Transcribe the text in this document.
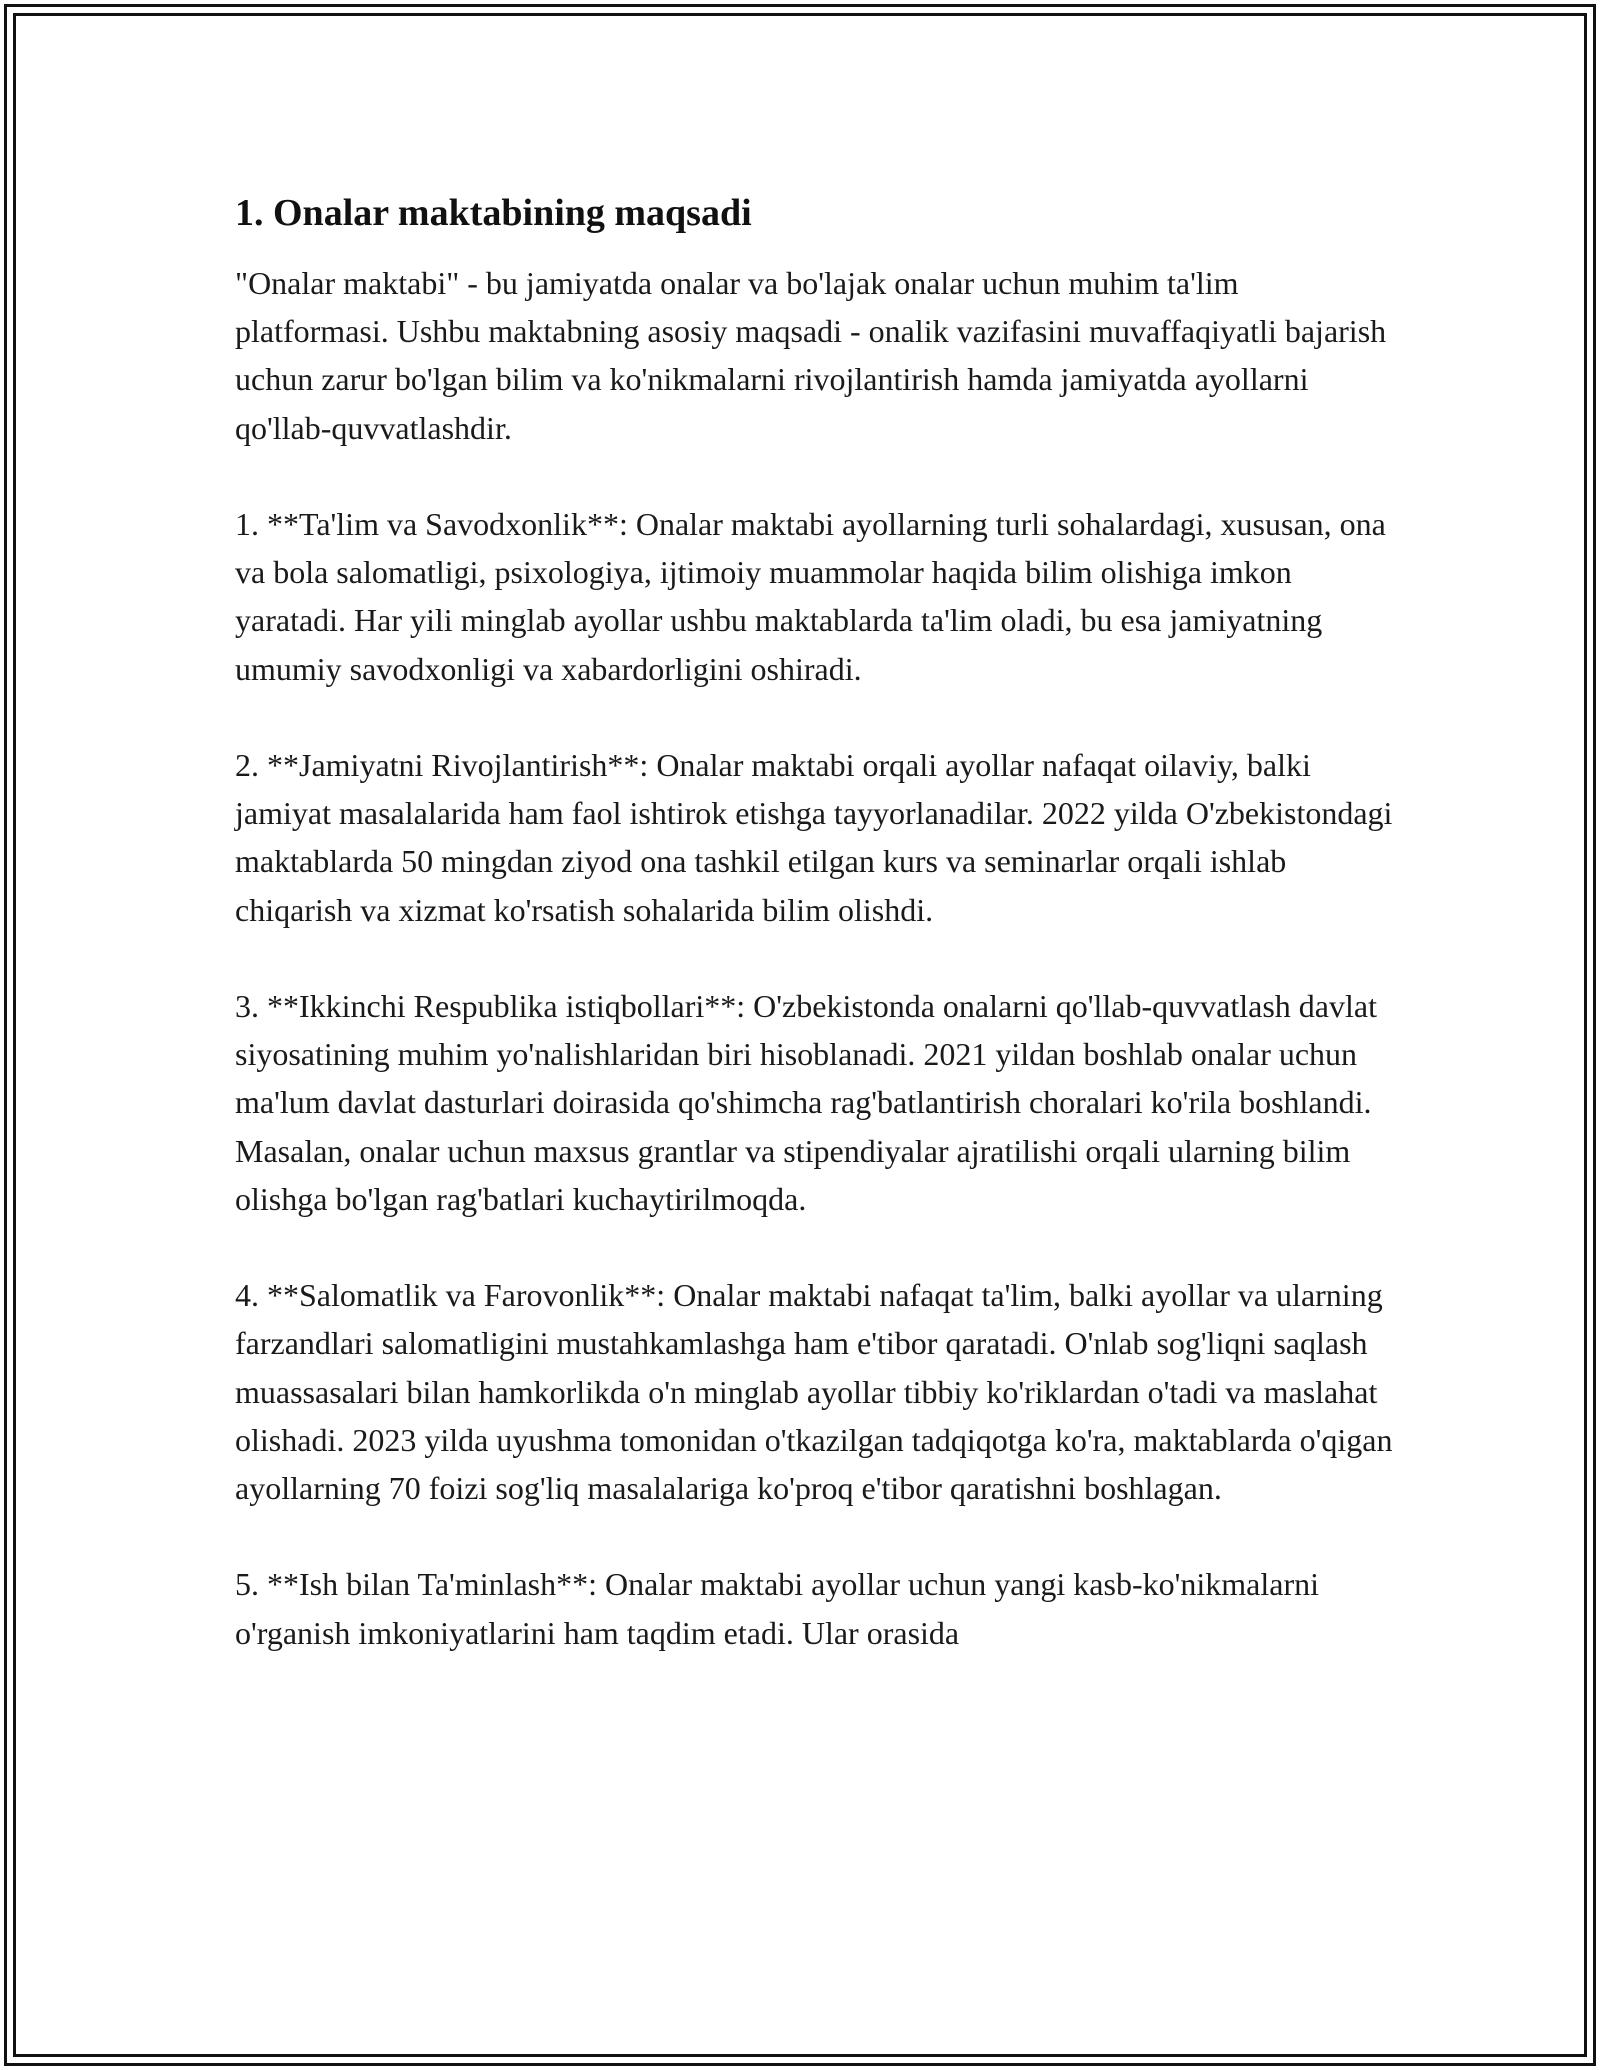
1. Onalar maktabining maqsadi

"Onalar maktabi" - bu jamiyatda onalar va bo'lajak onalar uchun muhim ta'lim platformasi. Ushbu maktabning asosiy maqsadi - onalik vazifasini muvaffaqiyatli bajarish uchun zarur bo'lgan bilim va ko'nikmalarni rivojlantirish hamda jamiyatda ayollarni qo'llab-quvvatlashdir.

1. **Ta'lim va Savodxonlik**: Onalar maktabi ayollarning turli sohalardagi, xususan, ona va bola salomatligi, psixologiya, ijtimoiy muammolar haqida bilim olishiga imkon yaratadi. Har yili minglab ayollar ushbu maktablarda ta'lim oladi, bu esa jamiyatning umumiy savodxonligi va xabardorligini oshiradi.

2. **Jamiyatni Rivojlantirish**: Onalar maktabi orqali ayollar nafaqat oilaviy, balki jamiyat masalalarida ham faol ishtirok etishga tayyorlanadilar. 2022 yilda O'zbekistondagi maktablarda 50 mingdan ziyod ona tashkil etilgan kurs va seminarlar orqali ishlab chiqarish va xizmat ko'rsatish sohalarida bilim olishdi.

3. **Ikkinchi Respublika istiqbollari**: O'zbekistonda onalarni qo'llab-quvvatlash davlat siyosatining muhim yo'nalishlaridan biri hisoblanadi. 2021 yildan boshlab onalar uchun ma'lum davlat dasturlari doirasida qo'shimcha rag'batlantirish choralari ko'rila boshlandi. Masalan, onalar uchun maxsus grantlar va stipendiyalar ajratilishi orqali ularning bilim olishga bo'lgan rag'batlari kuchaytirilmoqda.

4. **Salomatlik va Farovonlik**: Onalar maktabi nafaqat ta'lim, balki ayollar va ularning farzandlari salomatligini mustahkamlashga ham e'tibor qaratadi. O'nlab sog'liqni saqlash muassasalari bilan hamkorlikda o'n minglab ayollar tibbiy ko'riklardan o'tadi va maslahat olishadi. 2023 yilda uyushma tomonidan o'tkazilgan tadqiqotga ko'ra, maktablarda o'qigan ayollarning 70 foizi sog'liq masalalariga ko'proq e'tibor qaratishni boshlagan.

5. **Ish bilan Ta'minlash**: Onalar maktabi ayollar uchun yangi kasb-ko'nikmalarni o'rganish imkoniyatlarini ham taqdim etadi. Ular orasida
